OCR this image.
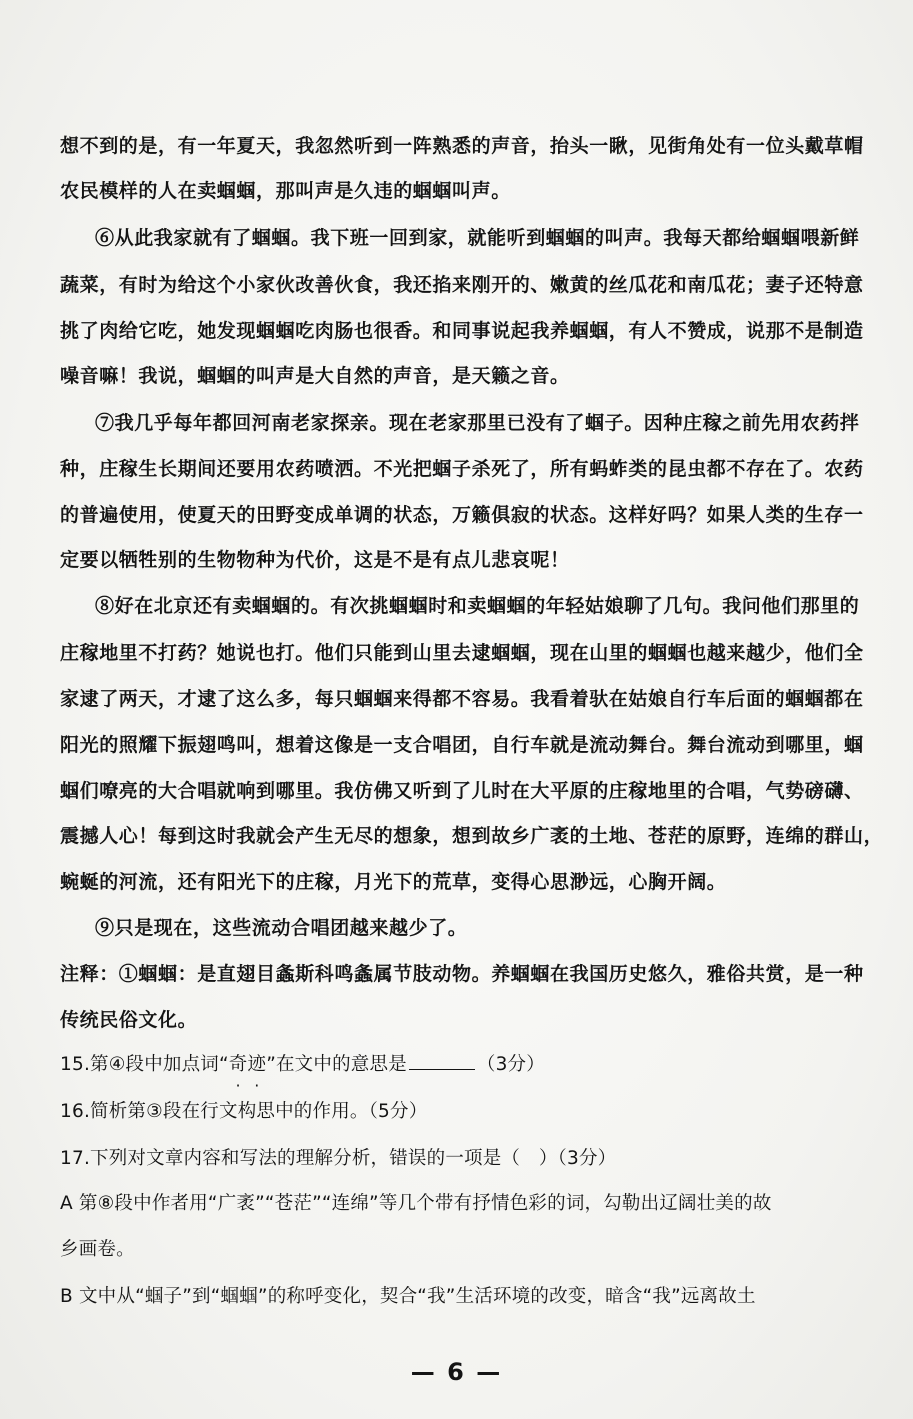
想不到的是，有一年夏天，我忽然听到一阵熟悉的声音，抬头一瞅，见街角处有一位头戴草帽
农民模样的人在卖蝈蝈，那叫声是久违的蝈蝈叫声。
⑥从此我家就有了蝈蝈。我下班一回到家，就能听到蝈蝈的叫声。我每天都给蝈蝈喂新鲜
蔬菜，有时为给这个小家伙改善伙食，我还掐来刚开的、嫩黄的丝瓜花和南瓜花；妻子还特意
挑了肉给它吃，她发现蝈蝈吃肉肠也很香。和同事说起我养蝈蝈，有人不赞成，说那不是制造
噪音嘛！我说，蝈蝈的叫声是大自然的声音，是天籁之音。
⑦我几乎每年都回河南老家探亲。现在老家那里已没有了蝈子。因种庄稼之前先用农药拌
种，庄稼生长期间还要用农药喷洒。不光把蝈子杀死了，所有蚂蚱类的昆虫都不存在了。农药
的普遍使用，使夏天的田野变成单调的状态，万籁俱寂的状态。这样好吗？如果人类的生存一
定要以牺牲别的生物物种为代价，这是不是有点儿悲哀呢！
⑧好在北京还有卖蝈蝈的。有次挑蝈蝈时和卖蝈蝈的年轻姑娘聊了几句。我问他们那里的
庄稼地里不打药？她说也打。他们只能到山里去逮蝈蝈，现在山里的蝈蝈也越来越少，他们全
家逮了两天，才逮了这么多，每只蝈蝈来得都不容易。我看着驮在姑娘自行车后面的蝈蝈都在
阳光的照耀下振翅鸣叫，想着这像是一支合唱团，自行车就是流动舞台。舞台流动到哪里，蝈
蝈们嘹亮的大合唱就响到哪里。我仿佛又听到了儿时在大平原的庄稼地里的合唱，气势磅礴、
震撼人心！每到这时我就会产生无尽的想象，想到故乡广袤的土地、苍茫的原野，连绵的群山，
蜿蜒的河流，还有阳光下的庄稼，月光下的荒草，变得心思渺远，心胸开阔。
⑨只是现在，这些流动合唱团越来越少了。
注释：①蝈蝈：是直翅目螽斯科鸣螽属节肢动物。养蝈蝈在我国历史悠久，雅俗共赏，是一种
传统民俗文化。
15.第④段中加点词“奇迹”在文中的意思是	（3分）
16.简析第③段在行文构思中的作用。（5分）
17.下列对文章内容和写法的理解分析，错误的一项是（　）（3分）
A 第⑧段中作者用“广袤”“苍茫”“连绵”等几个带有抒情色彩的词，勾勒出辽阔壮美的故
乡画卷。
B 文中从“蝈子”到“蝈蝈”的称呼变化，契合“我”生活环境的改变，暗含“我”远离故土
— 6 —
